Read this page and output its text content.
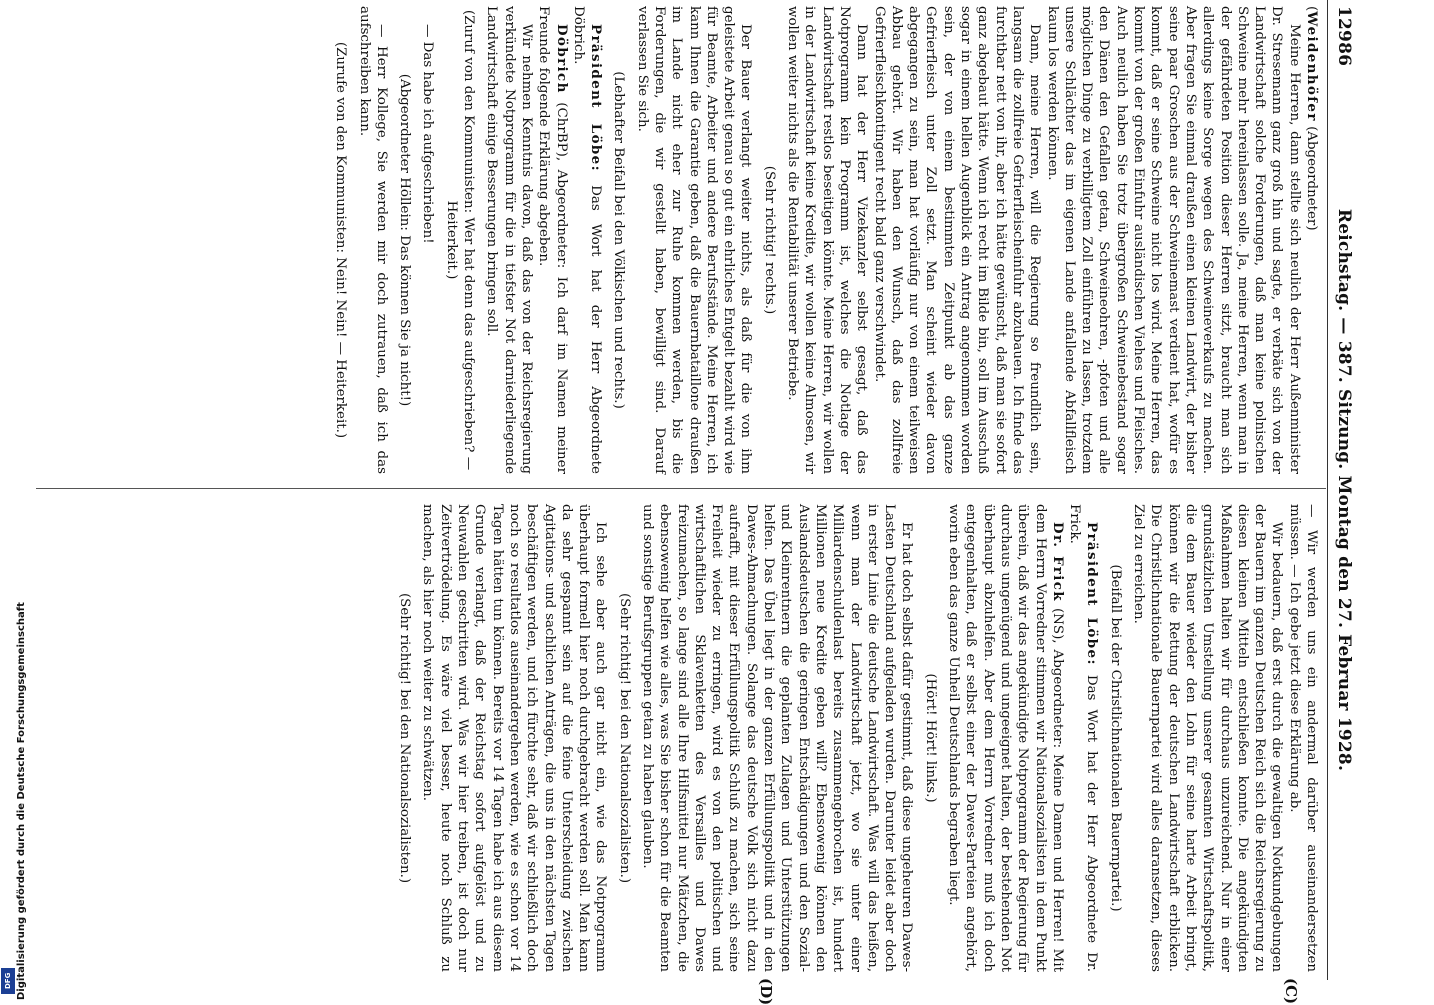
Digitalisierung gefördert durch die Deutsche Forschungsgemeinschaft
DFG
12986
Reichstag. — 387. Sitzung. Montag den 27. Februar 1928.
(C)
(D)

(Weidenhöfer (Abgeordneter)

Meine Herren, dann stellte sich neulich der Herr Außenminister Dr. Stresemann ganz groß hin und sagte, er verbäte sich von der Landwirtschaft solche Forderungen, daß man keine polnischen Schweine mehr hereinlassen solle. Ja, meine Herren, wenn man in der gefährdeten Position dieser Herren sitzt, braucht man sich allerdings keine Sorge wegen des Schweineverkaufs zu machen. Aber fragen Sie einmal draußen einen kleinen Landwirt, der bisher seine paar Groschen aus der Schweinemast verdient hat, wofür es kommt, daß er seine Schweine nicht los wird. Meine Herren, das kommt von der großen Einfuhr ausländischen Viehes und Fleisches. Auch neulich haben Sie trotz übergroßen Schweinebestand sogar den Dänen den Gefallen getan, Schweineohren, -pfoten und alle möglichen Dinge zu verbilligtem Zoll einführen zu lassen, trotzdem unsere Schlächter das im eigenen Lande anfallende Abfallfleisch kaum los werden können.

Dann, meine Herren, will die Regierung so freundlich sein, langsam die zollfreie Gefrierfleischeinfuhr abzubauen. Ich finde das furchtbar nett von ihr, aber ich hätte gewünscht, daß man sie sofort ganz abgebaut hätte. Wenn ich recht im Bilde bin, soll im Ausschuß sogar in einem hellen Augenblick ein Antrag angenommen worden sein, der von einem bestimmten Zeitpunkt ab das ganze Gefrierfleisch unter Zoll setzt. Man scheint wieder davon abgegangen zu sein, man hat vorläufig nur von einem teilweisen Abbau gehört. Wir haben den Wunsch, daß das zollfreie Gefrierfleischkontingent recht bald ganz verschwindet.

Dann hat der Herr Vizekanzler selbst gesagt, daß das Notprogramm kein Programm ist, welches die Notlage der Landwirtschaft restlos beseitigen könnte. Meine Herren, wir wollen in der Landwirtschaft keine Kredite, wir wollen keine Almosen, wir wollen weiter nichts als die Rentabilität unserer Betriebe.

(Sehr richtig! rechts.)

Der Bauer verlangt weiter nichts, als daß für die von ihm geleistete Arbeit genau so gut ein ehrliches Entgelt bezahlt wird wie für Beamte, Arbeiter und andere Berufsstände. Meine Herren, ich kann Ihnen die Garantie geben, daß die Bauernbataillone draußen im Lande nicht eher zur Ruhe kommen werden, bis die Forderungen, die wir gestellt haben, bewilligt sind. Darauf verlassen Sie sich.

(Lebhafter Beifall bei den Völkischen und rechts.)

Präsident Löbe: Das Wort hat der Herr Abgeordnete Döbrich.

Döbrich (ChrBP), Abgeordneter: Ich darf im Namen meiner Freunde folgende Erklärung abgeben.

Wir nehmen Kenntnis davon, daß das von der Reichsregierung verkündete Notprogramm für die in tiefster Not darniederliegende Landwirtschaft einige Besserungen bringen soll.

(Zuruf von den Kommunisten: Wer hat denn das aufgeschrieben? — Heiterkeit.)

— Das habe ich aufgeschrieben!

(Abgeordneter Höllein: Das können Sie ja nicht!)

— Herr Kollege, Sie werden mir doch zutrauen, daß ich das aufschreiben kann.

(Zurufe von den Kommunisten: Nein! Nein! — Heiterkeit.)

— Wir werden uns ein andermal darüber auseinandersetzen müssen. — Ich gebe jetzt diese Erklärung ab.

Wir bedauern, daß erst durch die gewaltigen Notkundgebungen der Bauern im ganzen Deutschen Reich sich die Reichsregierung zu diesen kleinen Mitteln entschließen konnte. Die angekündigten Maßnahmen halten wir für durchaus unzureichend. Nur in einer grundsätzlichen Umstellung unserer gesamten Wirtschaftspolitik, die dem Bauer wieder den Lohn für seine harte Arbeit bringt, können wir die Rettung der deutschen Landwirtschaft erblicken. Die Christlichnationale Bauernpartei wird alles daransetzen, dieses Ziel zu erreichen.

(Beifall bei der Christlichnationalen Bauernpartei.)

Präsident Löbe: Das Wort hat der Herr Abgeordnete Dr. Frick.

Dr. Frick (NS), Abgeordneter: Meine Damen und Herren! Mit dem Herrn Vorredner stimmen wir Nationalsozialisten in dem Punkt überein, daß wir das angekündigte Notprogramm der Regierung für durchaus ungenügend und ungeeignet halten, der bestehenden Not überhaupt abzuhelfen. Aber dem Herrn Vorredner muß ich doch entgegenhalten, daß er selbst einer der Dawes-Parteien angehört, worin eben das ganze Unheil Deutschlands begraben liegt.

(Hört! Hört! links.)

Er hat doch selbst dafür gestimmt, daß diese ungeheuren Dawes-Lasten Deutschland aufgeladen wurden. Darunter leidet aber doch in erster Linie die deutsche Landwirtschaft. Was will das heißen, wenn man der Landwirtschaft jetzt, wo sie unter einer Milliardenschuldenlast bereits zusammengebrochen ist, hundert Millionen neue Kredite geben will? Ebensowenig können den Auslandsdeutschen die geringen Entschädigungen und den Sozial- und Kleinrentnern die geplanten Zulagen und Unterstützungen helfen. Das Übel liegt in der ganzen Erfüllungspolitik und in den Dawes-Abmachungen. Solange das deutsche Volk sich nicht dazu aufrafft, mit dieser Erfüllungspolitik Schluß zu machen, sich seine Freiheit wieder zu erringen, wird es von den politischen und wirtschaftlichen Sklavenketten des Versailles und Dawes freizumachen, so lange sind alle Ihre Hilfsmittel nur Mätzchen, die ebensowenig helfen wie alles, was Sie bisher schon für die Beamten und sonstige Berufsgruppen getan zu haben glauben.

(Sehr richtig! bei den Nationalsozialisten.)

Ich sehe aber auch gar nicht ein, wie das Notprogramm überhaupt formell hier noch durchgebracht werden soll. Man kann da sehr gespannt sein auf die feine Unterscheidung zwischen Agitations- und sachlichen Anträgen, die uns in den nächsten Tagen beschäftigen werden, und ich fürchte sehr, daß wir schließlich doch noch so resultatlos auseinandergehen werden, wie es schon vor 14 Tagen hätten tun können. Bereits vor 14 Tagen habe ich aus diesem Grunde verlangt, daß der Reichstag sofort aufgelöst und zu Neuwahlen geschritten wird. Was wir hier treiben, ist doch nur Zeitvertrödelung. Es wäre viel besser, heute noch Schluß zu machen, als hier noch weiter zu schwätzen.

(Sehr richtig! bei den Nationalsozialisten.)
